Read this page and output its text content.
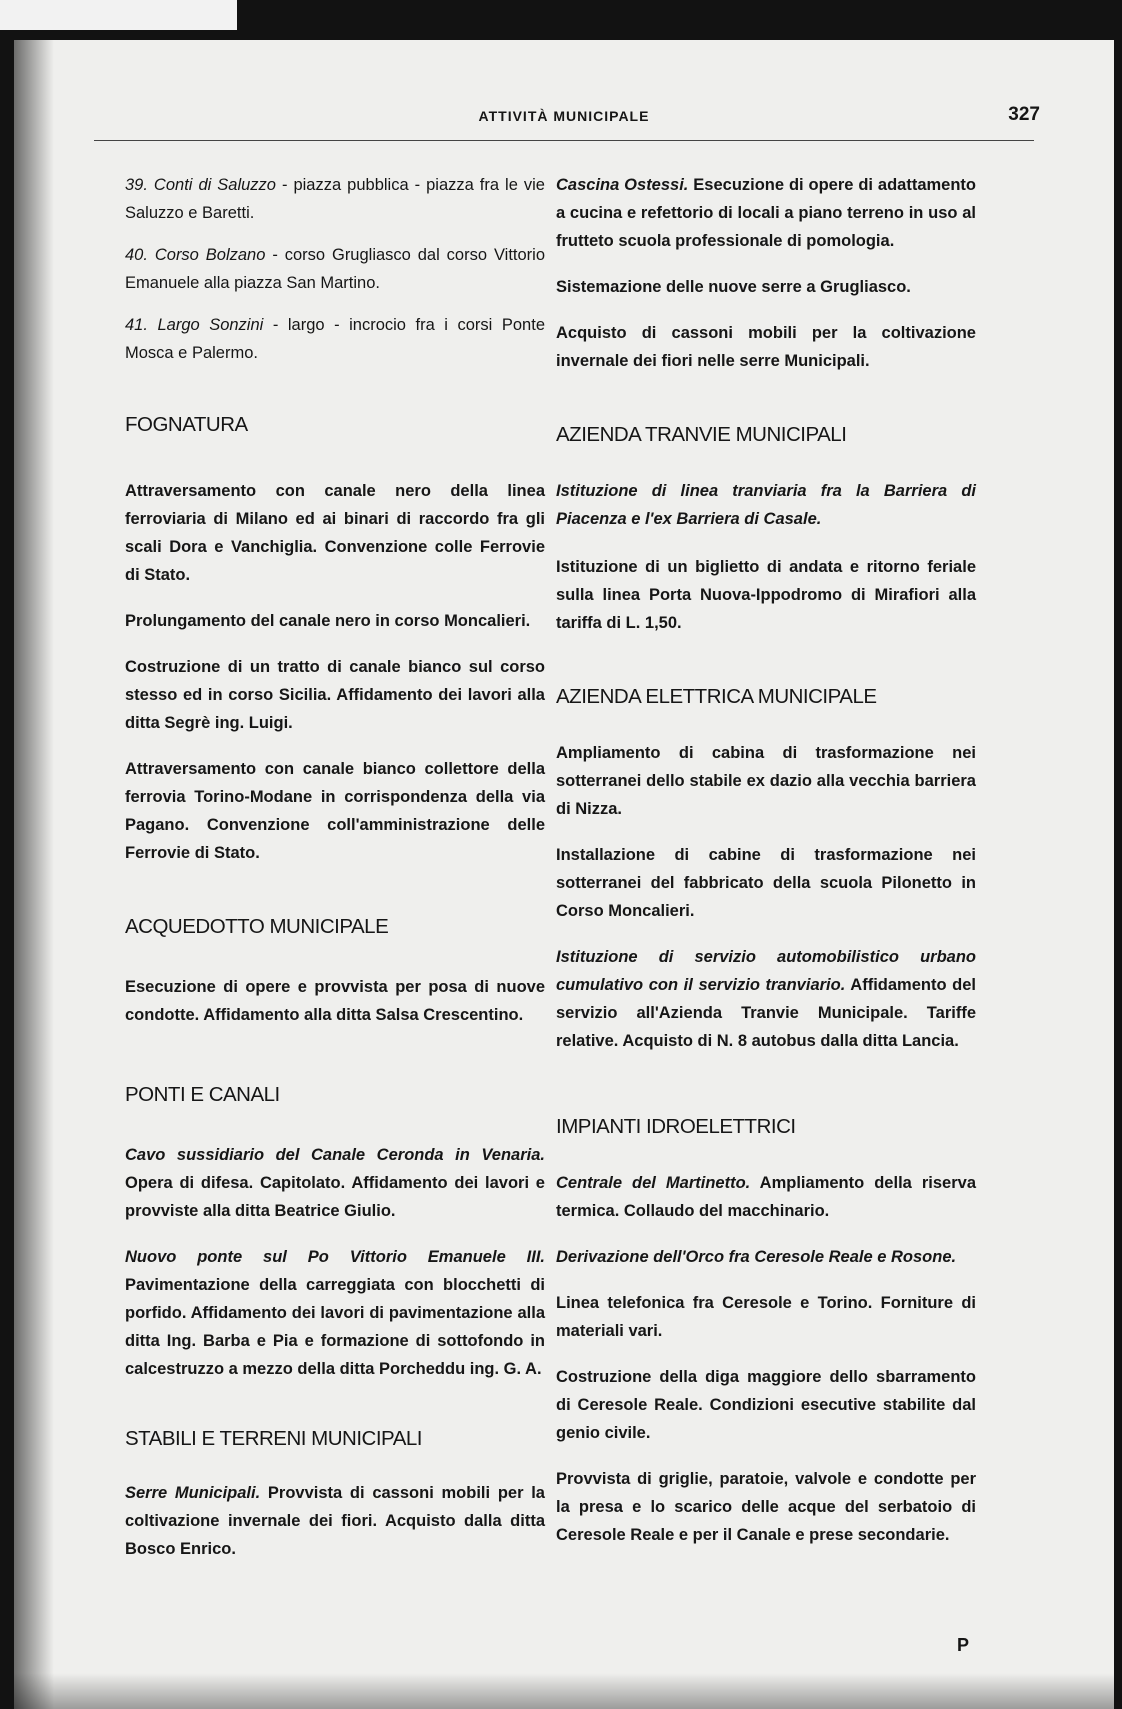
ATTIVITÀ MUNICIPALE	327

39. Conti di Saluzzo - piazza pubblica - piazza fra le vie Saluzzo e Baretti.

40. Corso Bolzano - corso Grugliasco dal corso Vittorio Emanuele alla piazza San Martino.

41. Largo Sonzini - largo - incrocio fra i corsi Ponte Mosca e Palermo.

FOGNATURA

Attraversamento con canale nero della linea ferroviaria di Milano ed ai binari di raccordo fra gli scali Dora e Vanchiglia. Convenzione colle Ferrovie di Stato.

Prolungamento del canale nero in corso Moncalieri.

Costruzione di un tratto di canale bianco sul corso stesso ed in corso Sicilia. Affidamento dei lavori alla ditta Segrè ing. Luigi.

Attraversamento con canale bianco collettore della ferrovia Torino-Modane in corrispondenza della via Pagano. Convenzione coll'amministrazione delle Ferrovie di Stato.

ACQUEDOTTO MUNICIPALE

Esecuzione di opere e provvista per posa di nuove condotte. Affidamento alla ditta Salsa Crescentino.

PONTI E CANALI

Cavo sussidiario del Canale Ceronda in Venaria. Opera di difesa. Capitolato. Affidamento dei lavori e provviste alla ditta Beatrice Giulio.

Nuovo ponte sul Po Vittorio Emanuele III. Pavimentazione della carreggiata con blocchetti di porfido. Affidamento dei lavori di pavimentazione alla ditta Ing. Barba e Pia e formazione di sottofondo in calcestruzzo a mezzo della ditta Porcheddu ing. G. A.

STABILI E TERRENI MUNICIPALI

Serre Municipali. Provvista di cassoni mobili per la coltivazione invernale dei fiori. Acquisto dalla ditta Bosco Enrico.

Cascina Ostessi. Esecuzione di opere di adattamento a cucina e refettorio di locali a piano terreno in uso al frutteto scuola professionale di pomologia.

Sistemazione delle nuove serre a Grugliasco.

Acquisto di cassoni mobili per la coltivazione invernale dei fiori nelle serre Municipali.

AZIENDA TRANVIE MUNICIPALI

Istituzione di linea tranviaria fra la Barriera di Piacenza e l'ex Barriera di Casale.

Istituzione di un biglietto di andata e ritorno feriale sulla linea Porta Nuova-Ippodromo di Mirafiori alla tariffa di L. 1,50.

AZIENDA ELETTRICA MUNICIPALE

Ampliamento di cabina di trasformazione nei sotterranei dello stabile ex dazio alla vecchia barriera di Nizza.

Installazione di cabine di trasformazione nei sotterranei del fabbricato della scuola Pilonetto in Corso Moncalieri.

Istituzione di servizio automobilistico urbano cumulativo con il servizio tranviario. Affidamento del servizio all'Azienda Tranvie Municipale. Tariffe relative. Acquisto di N. 8 autobus dalla ditta Lancia.

IMPIANTI IDROELETTRICI

Centrale del Martinetto. Ampliamento della riserva termica. Collaudo del macchinario.

Derivazione dell'Orco fra Ceresole Reale e Rosone.

Linea telefonica fra Ceresole e Torino. Forniture di materiali vari.

Costruzione della diga maggiore dello sbarramento di Ceresole Reale. Condizioni esecutive stabilite dal genio civile.

Provvista di griglie, paratoie, valvole e condotte per la presa e lo scarico delle acque del serbatoio di Ceresole Reale e per il Canale e prese secondarie.

P
